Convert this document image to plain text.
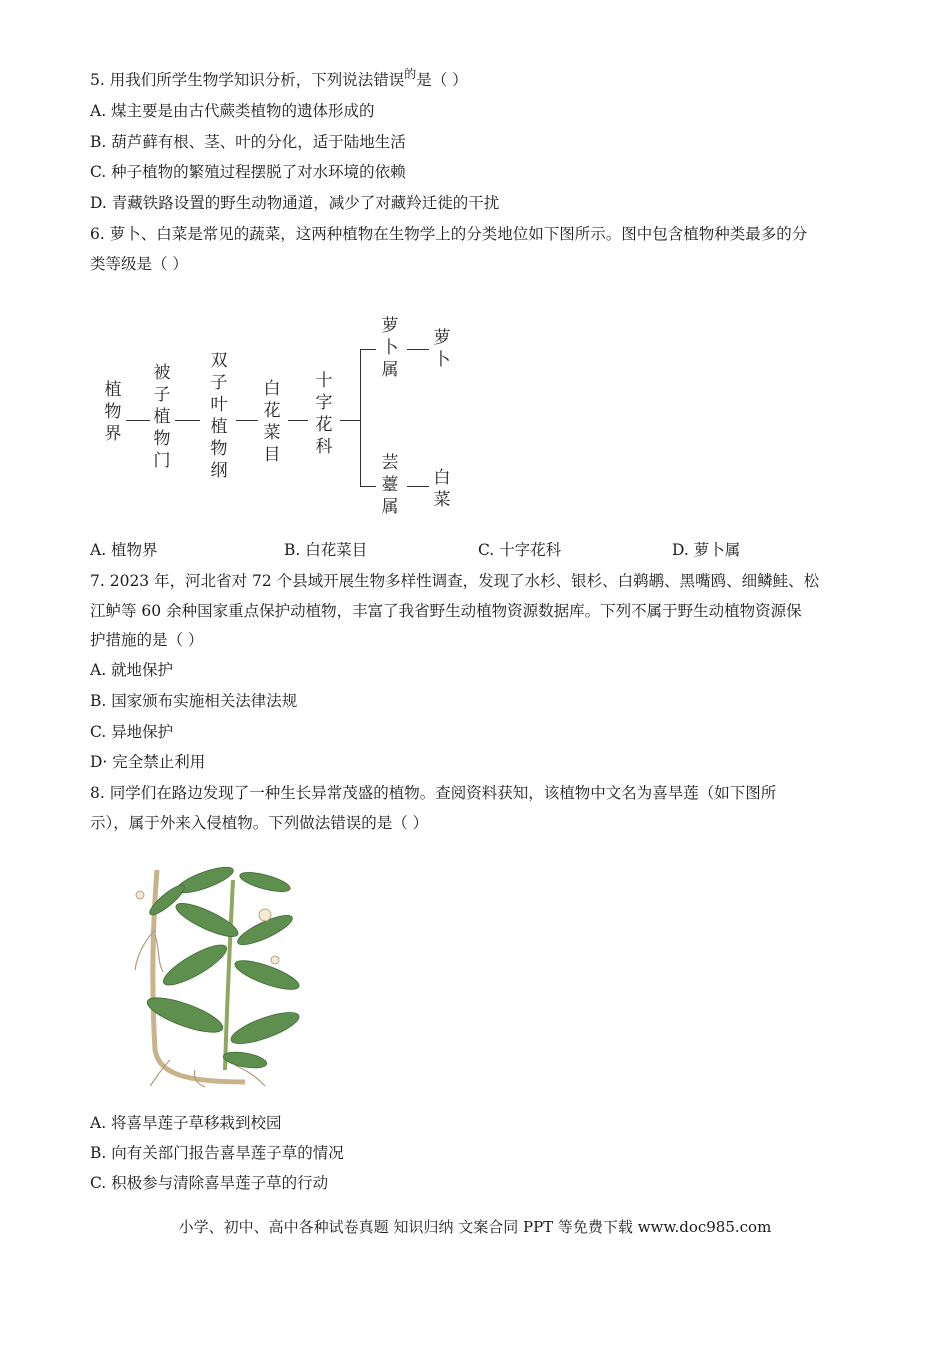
5. 用我们所学生物学知识分析，下列说法错误$^的$是（ ）
A. 煤主要是由古代蕨类植物的遗体形成的
B. 葫芦藓有根、茎、叶的分化，适于陆地生活
C. 种子植物的繁殖过程摆脱了对水环境的依赖
D. 青藏铁路设置的野生动物通道，减少了对藏羚迁徙的干扰
6. 萝卜、白菜是常见的蔬菜，这两种植物在生物学上的分类地位如下图所示。图中包含植物种类最多的分
类等级是（ ）
植物界
被子植物门
双子叶植物纲
白花菜目
十字花科
萝卜属
萝卜
芸薹属
白菜
A. 植物界	B. 白花菜目	C. 十字花科	D. 萝卜属
7. 2023 年，河北省对 72 个县域开展生物多样性调查，发现了水杉、银杉、白鹈鹕、黑嘴鸥、细鳞鲑、松
江鲈等 60 余种国家重点保护动植物，丰富了我省野生动植物资源数据库。下列不属于野生动植物资源保
护措施的是（ ）
A. 就地保护
B. 国家颁布实施相关法律法规
C. 异地保护
D· 完全禁止利用
8. 同学们在路边发现了一种生长异常茂盛的植物。查阅资料获知，该植物中文名为喜旱莲（如下图所
示），属于外来入侵植物。下列做法错误的是（ ）
A. 将喜旱莲子草移栽到校园
B. 向有关部门报告喜旱莲子草的情况
C. 积极参与清除喜旱莲子草的行动
小学、初中、高中各种试卷真题 知识归纳 文案合同 PPT 等免费下载 www.doc985.com
